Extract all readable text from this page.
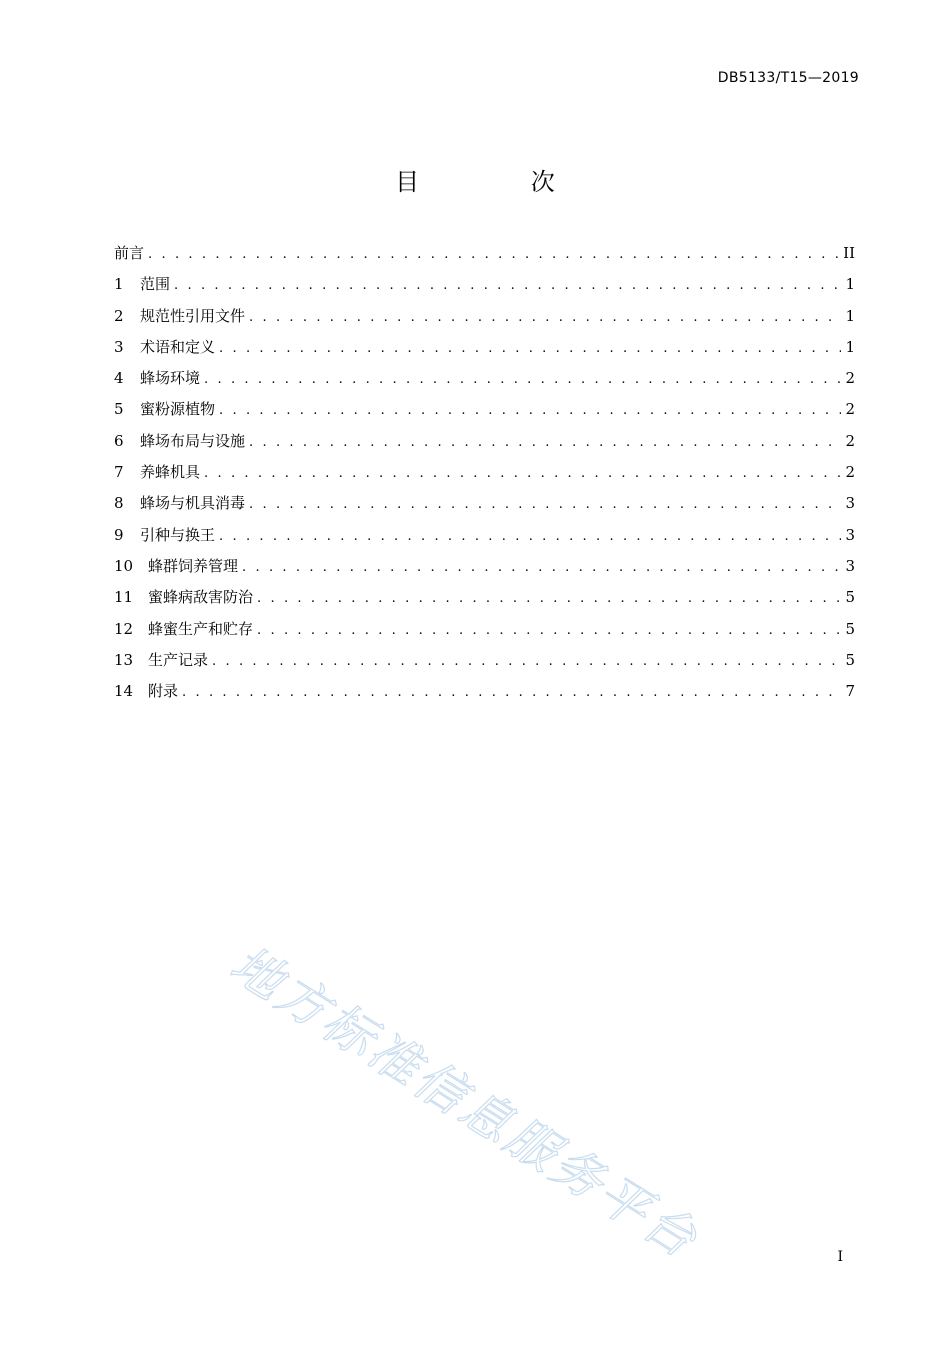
DB5133/T15—2019
目 次
前言 . . .	II
1	范围 . . .	1
2	规范性引用文件 . . .	1
3	术语和定义 . . .	1
4	蜂场环境 . . .	2
5	蜜粉源植物 . . .	2
6	蜂场布局与设施 . . .	2
7	养蜂机具 . . .	2
8	蜂场与机具消毒 . . .	3
9	引种与换王 . . .	3
10 蜂群饲养管理 . . .	3
11 蜜蜂病敌害防治 . . .	5
12 蜂蜜生产和贮存 . . .	5
13 生产记录 . . .	5
14 附录 . . .	7
地方标准信息服务平台	I
